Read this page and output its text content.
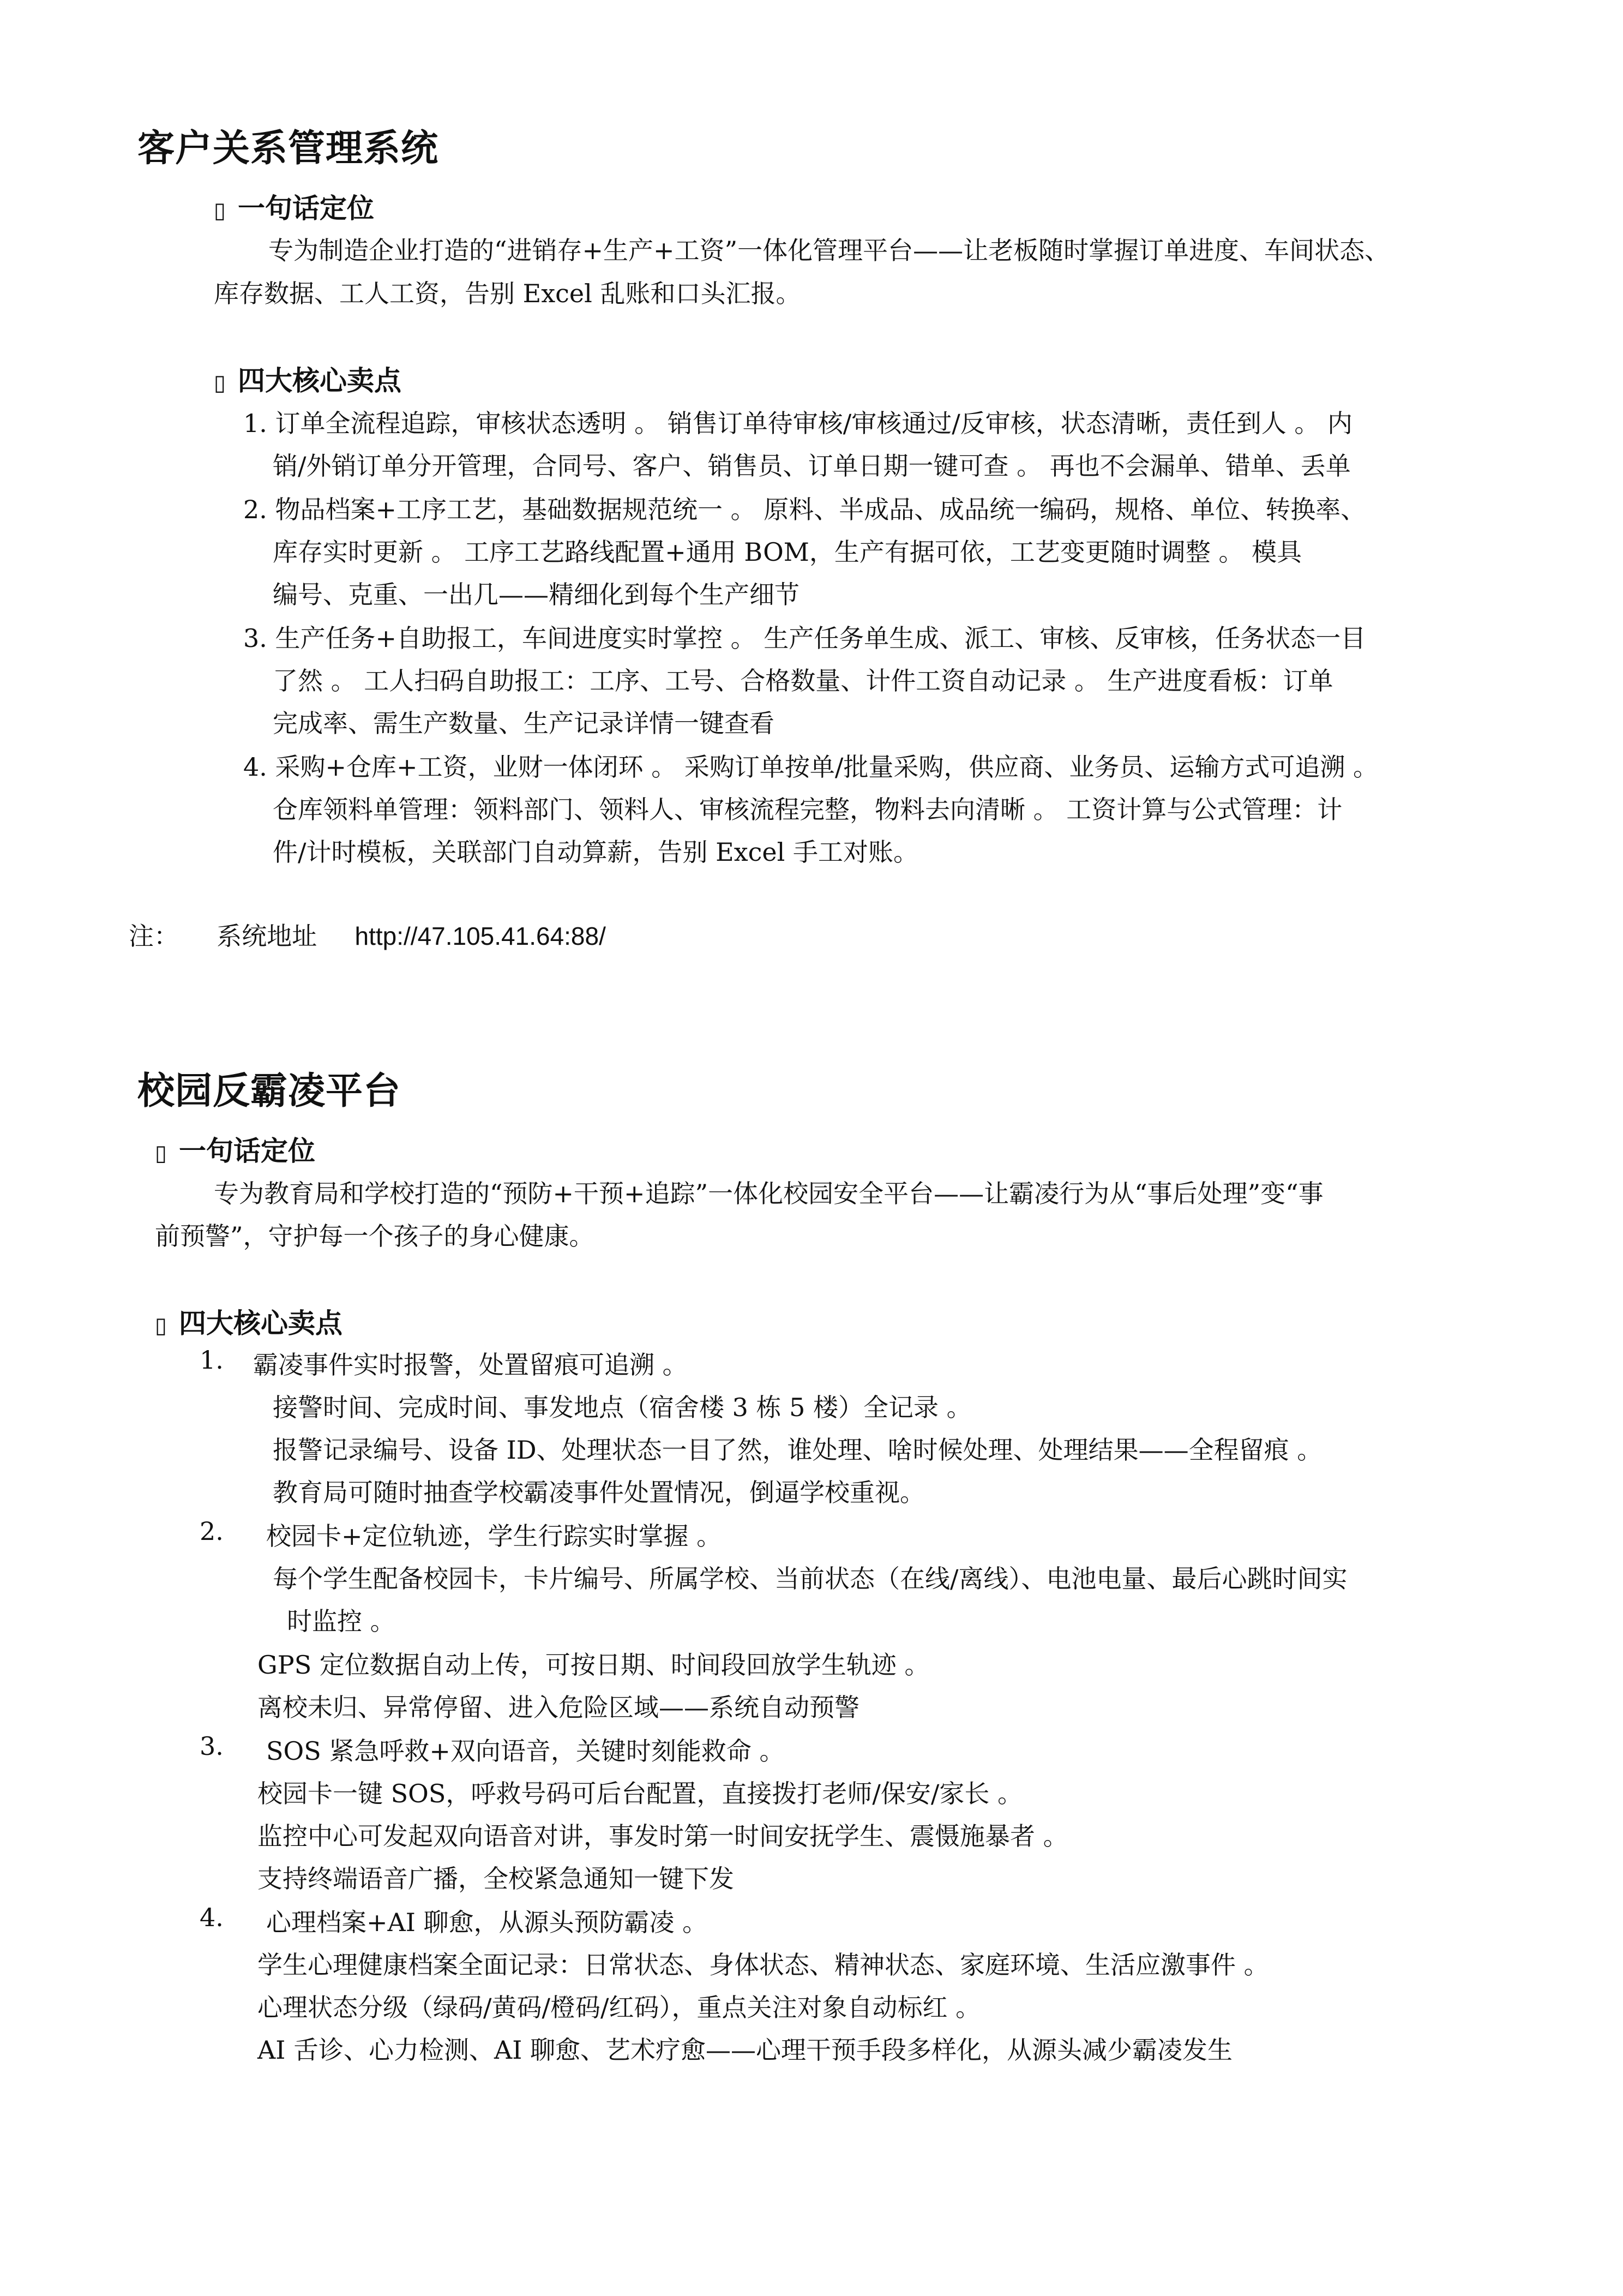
客户关系管理系统
▯ 一句话定位
专为制造企业打造的“进销存+生产+工资”一体化管理平台——让老板随时掌握订单进度、车间状态、
库存数据、工人工资，告别 Excel 乱账和口头汇报。
▯ 四大核心卖点
1. 订单全流程追踪，审核状态透明 。 销售订单待审核/审核通过/反审核，状态清晰，责任到人 。 内
销/外销订单分开管理，合同号、客户、销售员、订单日期一键可查 。 再也不会漏单、错单、丢单
2. 物品档案+工序工艺，基础数据规范统一 。 原料、半成品、成品统一编码，规格、单位、转换率、
库存实时更新 。 工序工艺路线配置+通用 BOM，生产有据可依，工艺变更随时调整 。 模具
编号、克重、一出几——精细化到每个生产细节
3. 生产任务+自助报工，车间进度实时掌控 。 生产任务单生成、派工、审核、反审核，任务状态一目
了然 。 工人扫码自助报工：工序、工号、合格数量、计件工资自动记录 。 生产进度看板：订单
完成率、需生产数量、生产记录详情一键查看
4. 采购+仓库+工资，业财一体闭环 。 采购订单按单/批量采购，供应商、业务员、运输方式可追溯 。
仓库领料单管理：领料部门、领料人、审核流程完整，物料去向清晰 。 工资计算与公式管理：计
件/计时模板，关联部门自动算薪，告别 Excel 手工对账。
注： 系统地址 http://47.105.41.64:88/
校园反霸凌平台
▯ 一句话定位
专为教育局和学校打造的“预防+干预+追踪”一体化校园安全平台——让霸凌行为从“事后处理”变“事
前预警”，守护每一个孩子的身心健康。
▯ 四大核心卖点
1. 霸凌事件实时报警，处置留痕可追溯 。
接警时间、完成时间、事发地点（宿舍楼 3 栋 5 楼）全记录 。
报警记录编号、设备 ID、处理状态一目了然，谁处理、啥时候处理、处理结果——全程留痕 。
教育局可随时抽查学校霸凌事件处置情况，倒逼学校重视。
2. 校园卡+定位轨迹，学生行踪实时掌握 。
每个学生配备校园卡，卡片编号、所属学校、当前状态（在线/离线）、电池电量、最后心跳时间实
时监控 。
GPS 定位数据自动上传，可按日期、时间段回放学生轨迹 。
离校未归、异常停留、进入危险区域——系统自动预警
3. SOS 紧急呼救+双向语音，关键时刻能救命 。
校园卡一键 SOS，呼救号码可后台配置，直接拨打老师/保安/家长 。
监控中心可发起双向语音对讲，事发时第一时间安抚学生、震慑施暴者 。
支持终端语音广播，全校紧急通知一键下发
4. 心理档案+AI 聊愈，从源头预防霸凌 。
学生心理健康档案全面记录：日常状态、身体状态、精神状态、家庭环境、生活应激事件 。
心理状态分级（绿码/黄码/橙码/红码），重点关注对象自动标红 。
AI 舌诊、心力检测、AI 聊愈、艺术疗愈——心理干预手段多样化，从源头减少霸凌发生
